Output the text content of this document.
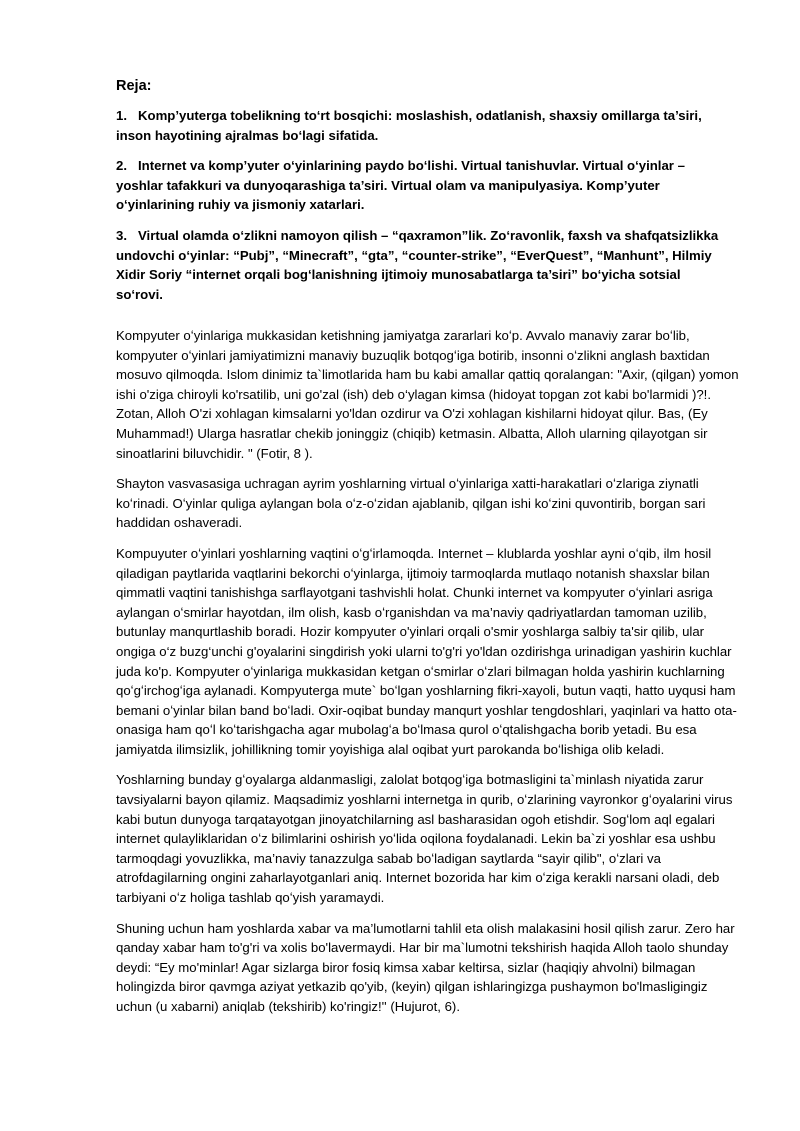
Reja:
1. Komp’yuterga tobelikning to‘rt bosqichi: moslashish, odatlanish, shaxsiy omillarga ta’siri, inson hayotining ajralmas bo‘lagi sifatida.
2. Internet va komp’yuter o‘yinlarining paydo bo‘lishi. Virtual tanishuvlar. Virtual o‘yinlar – yoshlar tafakkuri va dunyoqarashiga ta’siri. Virtual olam va manipulyasiya. Komp’yuter o‘yinlarining ruhiy va jismoniy xatarlari.
3. Virtual olamda o‘zlikni namoyon qilish – “qaxramon”lik. Zo‘ravonlik, faxsh va shafqatsizlikka undovchi o‘yinlar: “Pubj”, “Minecraft”, “gta”, “counter-strike”, “EverQuest”, “Manhunt”, Hilmiy Xidir Soriy “internet orqali bog‘lanishning ijtimoiy munosabatlarga ta’siri” bo‘yicha sotsial so‘rovi.

Kompyuter oʻyinlariga mukkasidan ketishning jamiyatga zararlari koʻp. Avvalo manaviy zarar boʻlib, kompyuter oʻyinlari jamiyatimizni manaviy buzuqlik botqogʻiga botirib, insonni oʻzlikni anglash baxtidan mosuvo qilmoqda. Islom dinimiz ta`limotlarida ham bu kabi amallar qattiq qoralangan: "Axir, (qilgan) yomon ishi o'ziga chiroyli ko'rsatilib, uni go'zal (ish) deb o‘ylagan kimsa (hidoyat topgan zot kabi bo'larmidi )?!. Zotan, Alloh O'zi xohlagan kimsalarni yo'ldan ozdirur va O'zi xohlagan kishilarni hidoyat qilur. Bas, (Ey Muhammad!) Ularga hasratlar chekib joninggiz (chiqib) ketmasin. Albatta, Alloh ularning qilayotgan sir sinoatlarini biluvchidir. " (Fotir, 8 ).

Shayton vasvasasiga uchragan ayrim yoshlarning virtual oʻyinlariga xatti-harakatlari oʻzlariga ziynatli koʻrinadi. Oʻyinlar quliga aylangan bola oʻz-oʻzidan ajablanib, qilgan ishi koʻzini quvontirib, borgan sari haddidan oshaveradi.

Kompuyuter oʻyinlari yoshlarning vaqtini oʻgʻirlamoqda. Internet – klublarda yoshlar ayni oʻqib, ilm hosil qiladigan paytlarida vaqtlarini bekorchi oʻyinlarga, ijtimoiy tarmoqlarda mutlaqo notanish shaxslar bilan qimmatli vaqtini tanishishga sarflayotgani tashvishli holat. Chunki internet va kompyuter oʻyinlari asriga aylangan oʻsmirlar hayotdan, ilm olish, kasb oʻrganishdan va ma’naviy qadriyatlardan tamoman uzilib, butunlay manqurtlashib boradi. Hozir kompyuter o'yinlari orqali o'smir yoshlarga salbiy ta'sir qilib, ular ongiga o‘z buzg‘unchi g'oyalarini singdirish yoki ularni to'g'ri yo'ldan ozdirishga urinadigan yashirin kuchlar juda ko'p. Kompyuter oʻyinlariga mukkasidan ketgan oʻsmirlar oʻzlari bilmagan holda yashirin kuchlarning qoʻgʻirchogʻiga aylanadi. Kompyuterga mute` boʻlgan yoshlarning fikri-xayoli, butun vaqti, hatto uyqusi ham bemani oʻyinlar bilan band boʻladi. Oxir-oqibat bunday manqurt yoshlar tengdoshlari, yaqinlari va hatto ota-onasiga ham qoʻl koʻtarishgacha agar mubolagʻa boʻlmasa qurol oʻqtalishgacha borib yetadi. Bu esa jamiyatda ilimsizlik, johillikning tomir yoyishiga alal oqibat yurt parokanda boʻlishiga olib keladi.

Yoshlarning bunday gʻoyalarga aldanmasligi, zalolat botqogʻiga botmasligini ta`minlash niyatida zarur tavsiyalarni bayon qilamiz. Maqsadimiz yoshlarni internetga in qurib, oʻzlarining vayronkor gʻoyalarini virus kabi butun dunyoga tarqatayotgan jinoyatchilarning asl basharasidan ogoh etishdir. Sogʻlom aql egalari internet qulayliklaridan oʻz bilimlarini oshirish yoʻlida oqilona foydalanadi. Lekin ba`zi yoshlar esa ushbu tarmoqdagi yovuzlikka, ma’naviy tanazzulga sabab boʻladigan saytlarda “sayir qilib", oʻzlari va atrofdagilarning ongini zaharlayotganlari aniq. Internet bozorida har kim oʻziga kerakli narsani oladi, deb tarbiyani oʻz holiga tashlab qoʻyish yaramaydi.

Shuning uchun ham yoshlarda xabar va ma’lumotlarni tahlil eta olish malakasini hosil qilish zarur. Zero har qanday xabar ham to'g'ri va xolis bo'lavermaydi. Har bir ma`lumotni tekshirish haqida Alloh taolo shunday deydi: “Ey mo'minlar! Agar sizlarga biror fosiq kimsa xabar keltirsa, sizlar (haqiqiy ahvolni) bilmagan holingizda biror qavmga aziyat yetkazib qo'yib, (keyin) qilgan ishlaringizga pushaymon bo'lmasligingiz uchun (u xabarni) aniqlab (tekshirib) ko'ringiz!'' (Hujurot, 6).
